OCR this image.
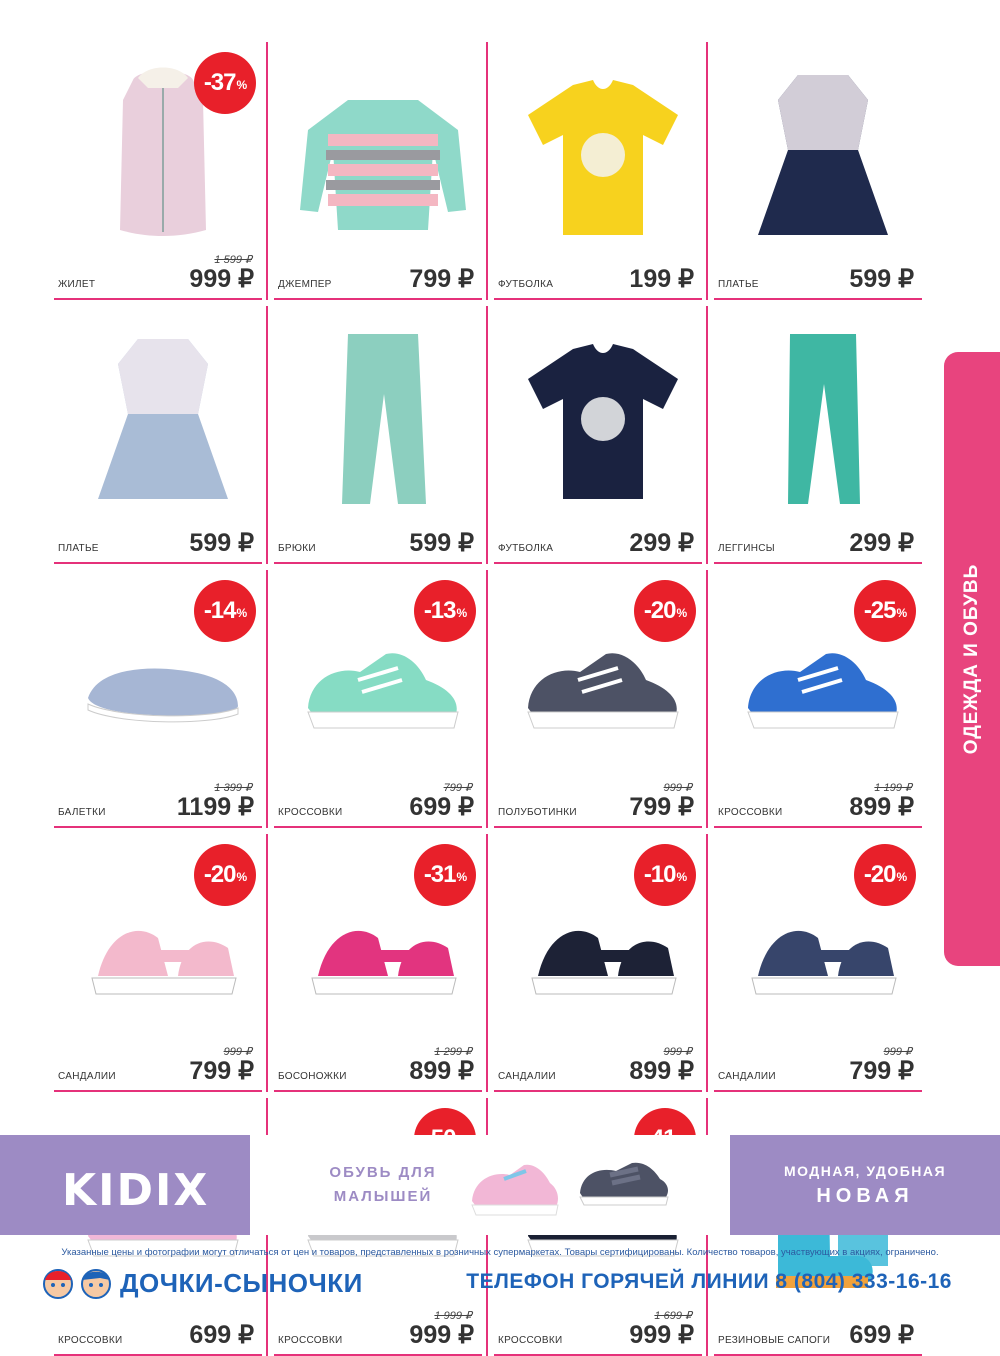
-37 %
1 599 ₽
ЖИЛЕТ	999 ₽ ДЖЕМПЕР	799 ₽ ФУТБОЛКА	199 ₽ ПЛАТЬЕ	599 ₽
ПЛАТЬЕ	599 ₽ БРЮКИ	599 ₽ ФУТБОЛКА	299 ₽ ЛЕГГИНСЫ	299 ₽
-14 %
1 399 ₽
БАЛЕТКИ	1199 ₽
-13 %
799 ₽
КРОССОВКИ	699 ₽
-20 %
999 ₽
ПОЛУБОТИНКИ 799 ₽
-25 %
1 199 ₽
КРОССОВКИ	899 ₽
-20 %
999 ₽
САНДАЛИИ	799 ₽
-31 %
1 299 ₽
БОСОНОЖКИ	899 ₽
-10 %
999 ₽
САНДАЛИИ	899 ₽
-20 %
999 ₽
САНДАЛИИ	799 ₽
КРОССОВКИ	699 ₽
1 999 ₽
КРОССОВКИ	999 ₽
1 699 ₽
КРОССОВКИ	999 ₽ РЕЗИНОВЫЕ САПОГИ 699 ₽
ОДЕЖДА И ОБУВЬ
KIDIX	ОБУВЬ ДЛЯ
МАЛЫШЕЙ
МОДНАЯ, УДОБНАЯ
НОВАЯ
Указанные цены и фотографии могут отличаться от цен и товаров, представленных в розничных супермаркетах. Товары сертифицированы. Количество товаров, участвующих в акциях, ограничено.
ДОЧКИ-СЫНОЧКИ	ТЕЛЕФОН ГОРЯЧЕЙ ЛИНИИ 8 (804) 333-16-16
